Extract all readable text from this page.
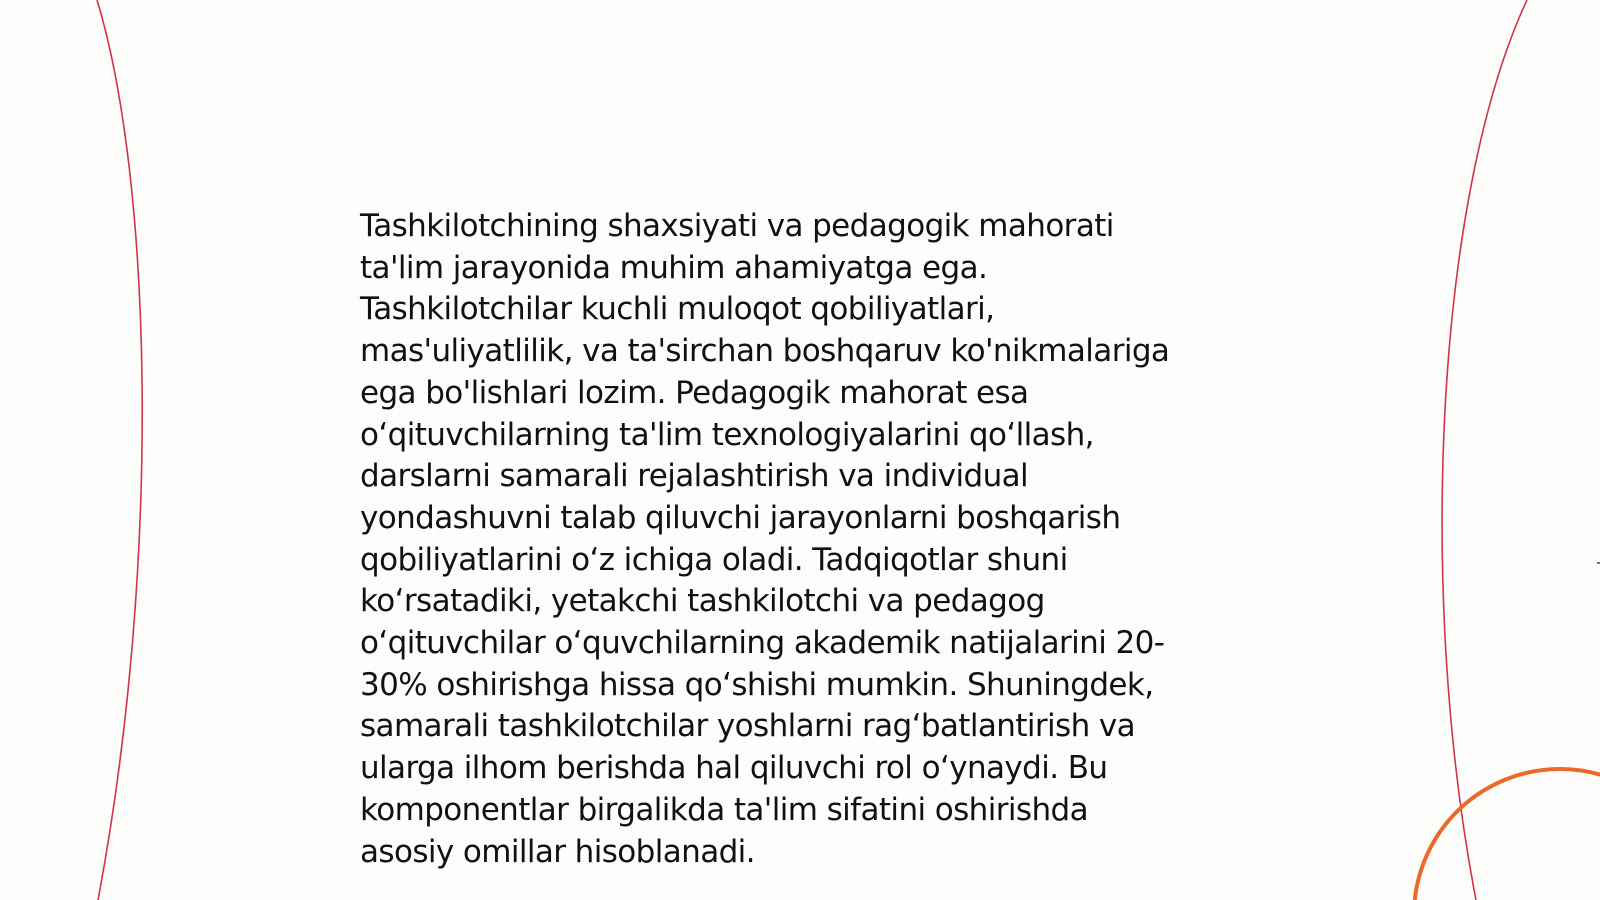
Tashkilotchining shaxsiyati va pedagogik mahorati
ta'lim jarayonida muhim ahamiyatga ega.
Tashkilotchilar kuchli muloqot qobiliyatlari,
mas'uliyatlilik, va ta'sirchan boshqaruv ko'nikmalariga
ega bo'lishlari lozim. Pedagogik mahorat esa
oʻqituvchilarning ta'lim texnologiyalarini qoʻllash,
darslarni samarali rejalashtirish va individual
yondashuvni talab qiluvchi jarayonlarni boshqarish
qobiliyatlarini oʻz ichiga oladi. Tadqiqotlar shuni
koʻrsatadiki, yetakchi tashkilotchi va pedagog
oʻqituvchilar oʻquvchilarning akademik natijalarini 20-
30% oshirishga hissa qoʻshishi mumkin. Shuningdek,
samarali tashkilotchilar yoshlarni ragʻbatlantirish va
ularga ilhom berishda hal qiluvchi rol oʻynaydi. Bu
komponentlar birgalikda ta'lim sifatini oshirishda
asosiy omillar hisoblanadi.
